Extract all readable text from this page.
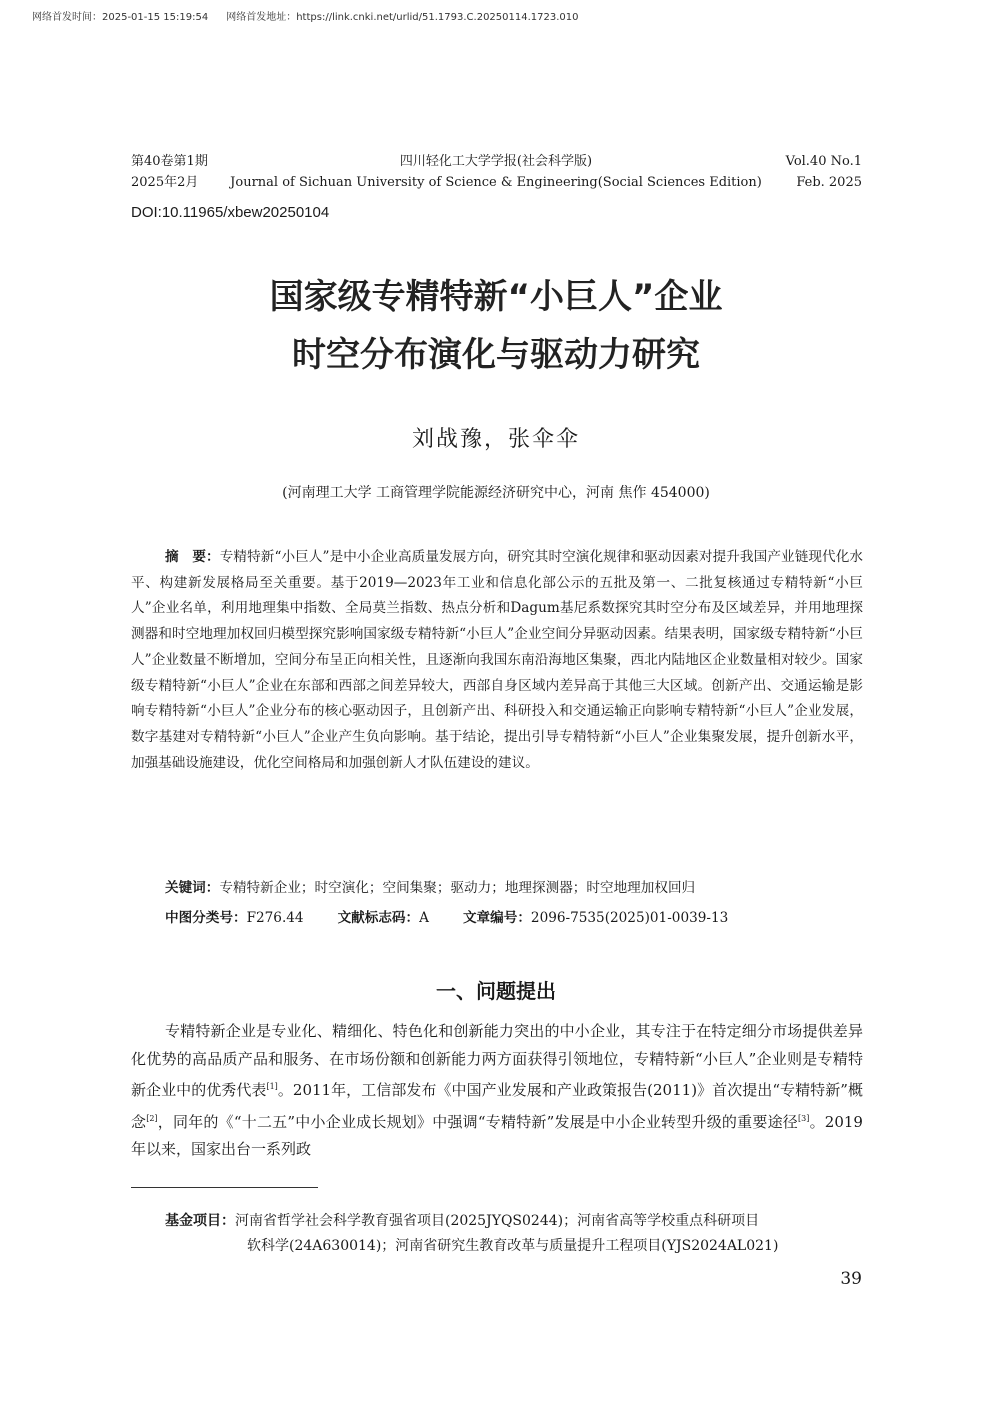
网络首发时间：2025-01-15 15:19:54 网络首发地址：https://link.cnki.net/urlid/51.1793.C.20250114.1723.010
第40卷第1期
2025年2月
四川轻化工大学学报(社会科学版)
Journal of Sichuan University of Science & Engineering(Social Sciences Edition)
Vol.40 No.1
Feb. 2025
DOI:10.11965/xbew20250104
国家级专精特新“小巨人”企业
时空分布演化与驱动力研究
刘战豫，张伞伞
(河南理工大学 工商管理学院能源经济研究中心，河南 焦作 454000)
摘　要：专精特新“小巨人”是中小企业高质量发展方向，研究其时空演化规律和驱动因素对提升我国产业链现代化水平、构建新发展格局至关重要。基于2019—2023年工业和信息化部公示的五批及第一、二批复核通过专精特新“小巨人”企业名单，利用地理集中指数、全局莫兰指数、热点分析和Dagum基尼系数探究其时空分布及区域差异，并用地理探测器和时空地理加权回归模型探究影响国家级专精特新“小巨人”企业空间分异驱动因素。结果表明，国家级专精特新“小巨人”企业数量不断增加，空间分布呈正向相关性，且逐渐向我国东南沿海地区集聚，西北内陆地区企业数量相对较少。国家级专精特新“小巨人”企业在东部和西部之间差异较大，西部自身区域内差异高于其他三大区域。创新产出、交通运输是影响专精特新“小巨人”企业分布的核心驱动因子，且创新产出、科研投入和交通运输正向影响专精特新“小巨人”企业发展，数字基建对专精特新“小巨人”企业产生负向影响。基于结论，提出引导专精特新“小巨人”企业集聚发展，提升创新水平，加强基础设施建设，优化空间格局和加强创新人才队伍建设的建议。
关键词：专精特新企业；时空演化；空间集聚；驱动力；地理探测器；时空地理加权回归
中图分类号：F276.44	文献标志码：A	文章编号：2096-7535(2025)01-0039-13
一、问题提出
专精特新企业是专业化、精细化、特色化和创新能力突出的中小企业，其专注于在特定细分市场提供差异化优势的高品质产品和服务、在市场份额和创新能力两方面获得引领地位，专精特新“小巨人”企业则是专精特新企业中的优秀代表[1]。2011年，工信部发布《中国产业发展和产业政策报告(2011)》首次提出“专精特新”概念[2]，同年的《“十二五”中小企业成长规划》中强调“专精特新”发展是中小企业转型升级的重要途径[3]。2019年以来，国家出台一系列政
基金项目：河南省哲学社会科学教育强省项目(2025JYQS0244)；河南省高等学校重点科研项目
软科学(24A630014)；河南省研究生教育改革与质量提升工程项目(YJS2024AL021)
39
